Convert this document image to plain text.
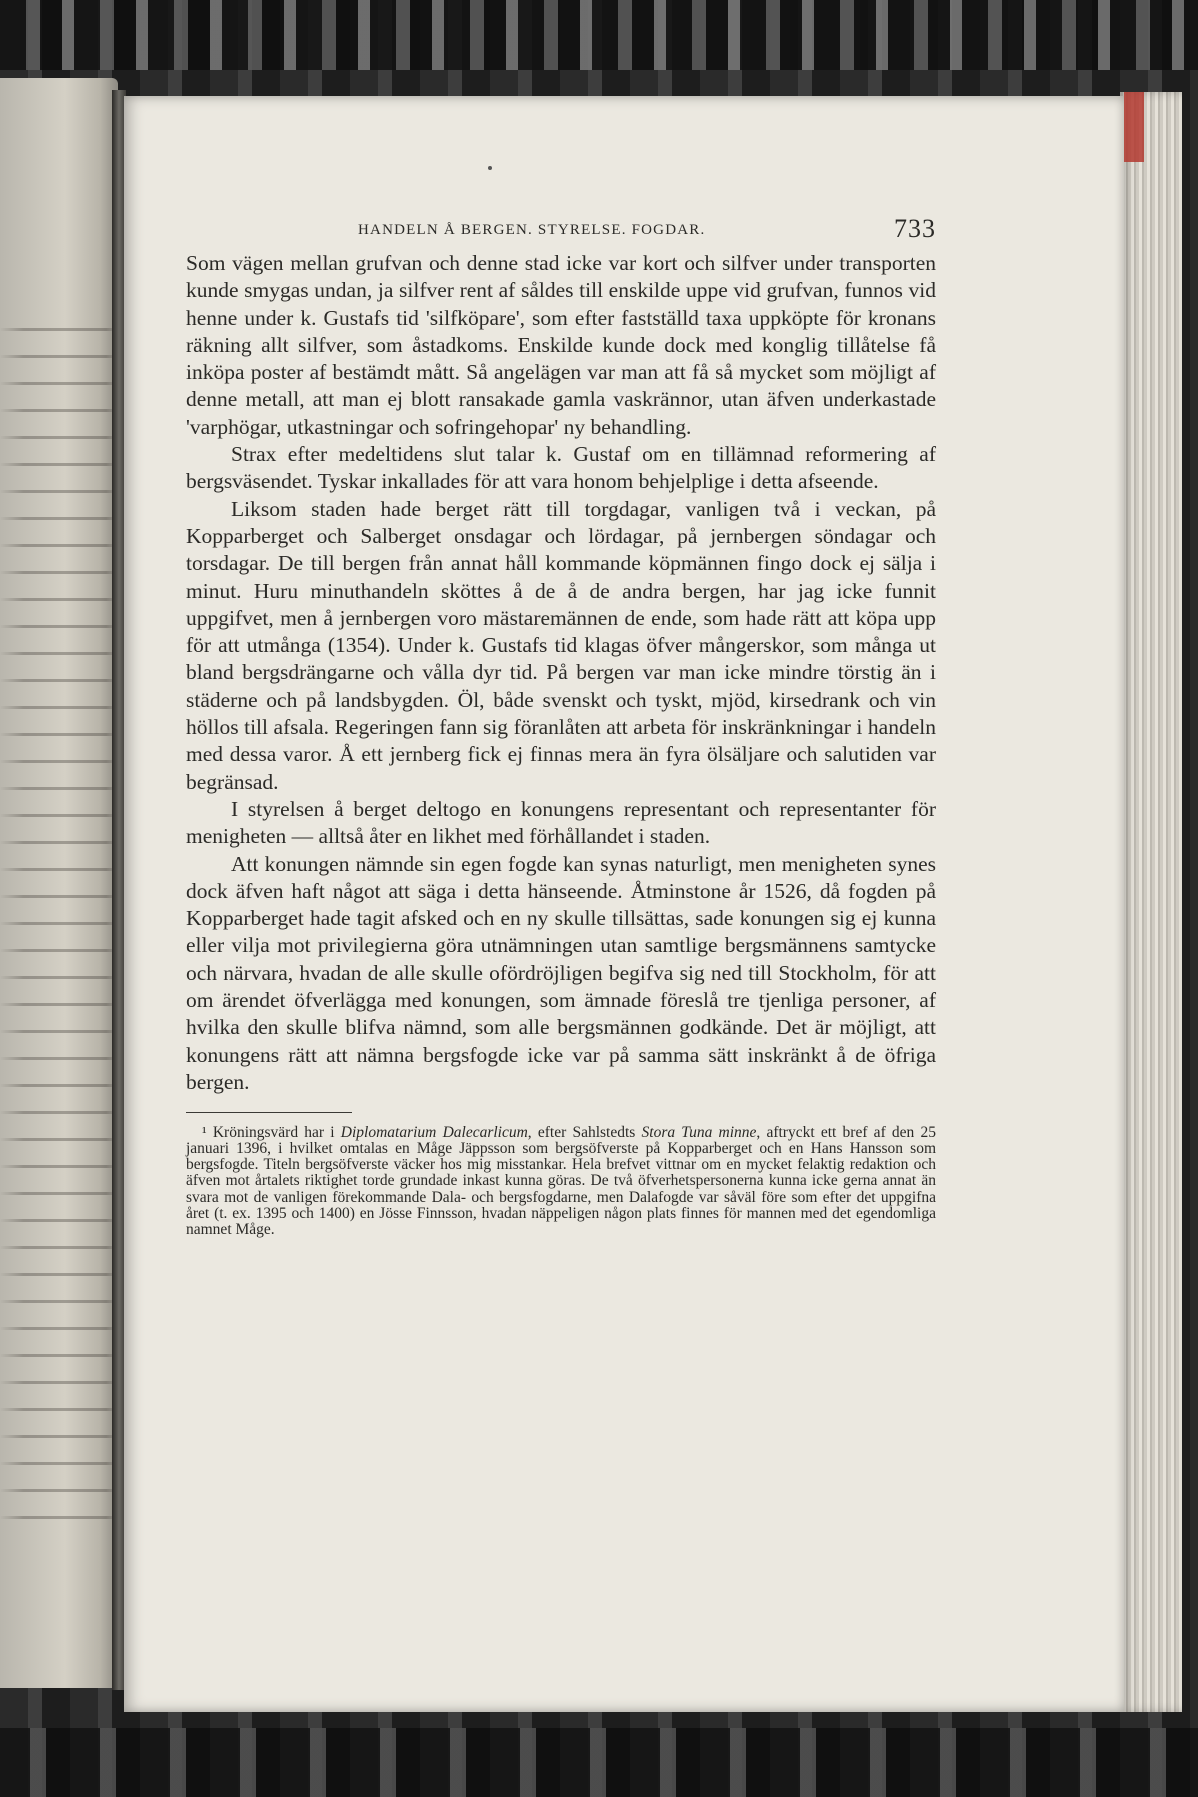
HANDELN Å BERGEN. STYRELSE. FOGDAR.	733

Som vägen mellan grufvan och denne stad icke var kort och silfver under transporten kunde smygas undan, ja silfver rent af såldes till enskilde uppe vid grufvan, funnos vid henne under k. Gustafs tid 'silfköpare', som efter fastställd taxa uppköpte för kronans räkning allt silfver, som åstadkoms. Enskilde kunde dock med konglig tillåtelse få inköpa poster af bestämdt mått. Så angelägen var man att få så mycket som möjligt af denne metall, att man ej blott ransakade gamla vaskrännor, utan äfven underkastade 'varphögar, utkastningar och sofringehopar' ny behandling.

Strax efter medeltidens slut talar k. Gustaf om en tillämnad reformering af bergsväsendet. Tyskar inkallades för att vara honom behjelplige i detta afseende.

Liksom staden hade berget rätt till torgdagar, vanligen två i veckan, på Kopparberget och Salberget onsdagar och lördagar, på jernbergen söndagar och torsdagar. De till bergen från annat håll kommande köpmännen fingo dock ej sälja i minut. Huru minuthandeln sköttes å de å de andra bergen, har jag icke funnit uppgifvet, men å jernbergen voro mästaremännen de ende, som hade rätt att köpa upp för att utmånga (1354). Under k. Gustafs tid klagas öfver mångerskor, som många ut bland bergsdrängarne och vålla dyr tid. På bergen var man icke mindre törstig än i städerne och på landsbygden. Öl, både svenskt och tyskt, mjöd, kirsedrank och vin höllos till afsala. Regeringen fann sig föranlåten att arbeta för inskränkningar i handeln med dessa varor. Å ett jernberg fick ej finnas mera än fyra ölsäljare och salutiden var begränsad.

I styrelsen å berget deltogo en konungens representant och representanter för menigheten — alltså åter en likhet med förhållandet i staden.

Att konungen nämnde sin egen fogde kan synas naturligt, men menigheten synes dock äfven haft något att säga i detta hänseende. Åtminstone år 1526, då fogden på Kopparberget hade tagit afsked och en ny skulle tillsättas, sade konungen sig ej kunna eller vilja mot privilegierna göra utnämningen utan samtlige bergsmännens samtycke och närvara, hvadan de alle skulle ofördröjligen begifva sig ned till Stockholm, för att om ärendet öfverlägga med konungen, som ämnade föreslå tre tjenliga personer, af hvilka den skulle blifva nämnd, som alle bergsmännen godkände. Det är möjligt, att konungens rätt att nämna bergsfogde icke var på samma sätt inskränkt å de öfriga bergen.

¹ Kröningsvärd har i Diplomatarium Dalecarlicum, efter Sahlstedts Stora Tuna minne, aftryckt ett bref af den 25 januari 1396, i hvilket omtalas en Måge Jäppsson som bergsöfverste på Kopparberget och en Hans Hansson som bergsfogde. Titeln bergsöfverste väcker hos mig misstankar. Hela brefvet vittnar om en mycket felaktig redaktion och äfven mot årtalets riktighet torde grundade inkast kunna göras. De två öfverhetspersonerna kunna icke gerna annat än svara mot de vanligen förekommande Dala- och bergsfogdarne, men Dalafogde var såväl före som efter det uppgifna året (t. ex. 1395 och 1400) en Jösse Finnsson, hvadan näppeligen någon plats finnes för mannen med det egendomliga namnet Måge.
